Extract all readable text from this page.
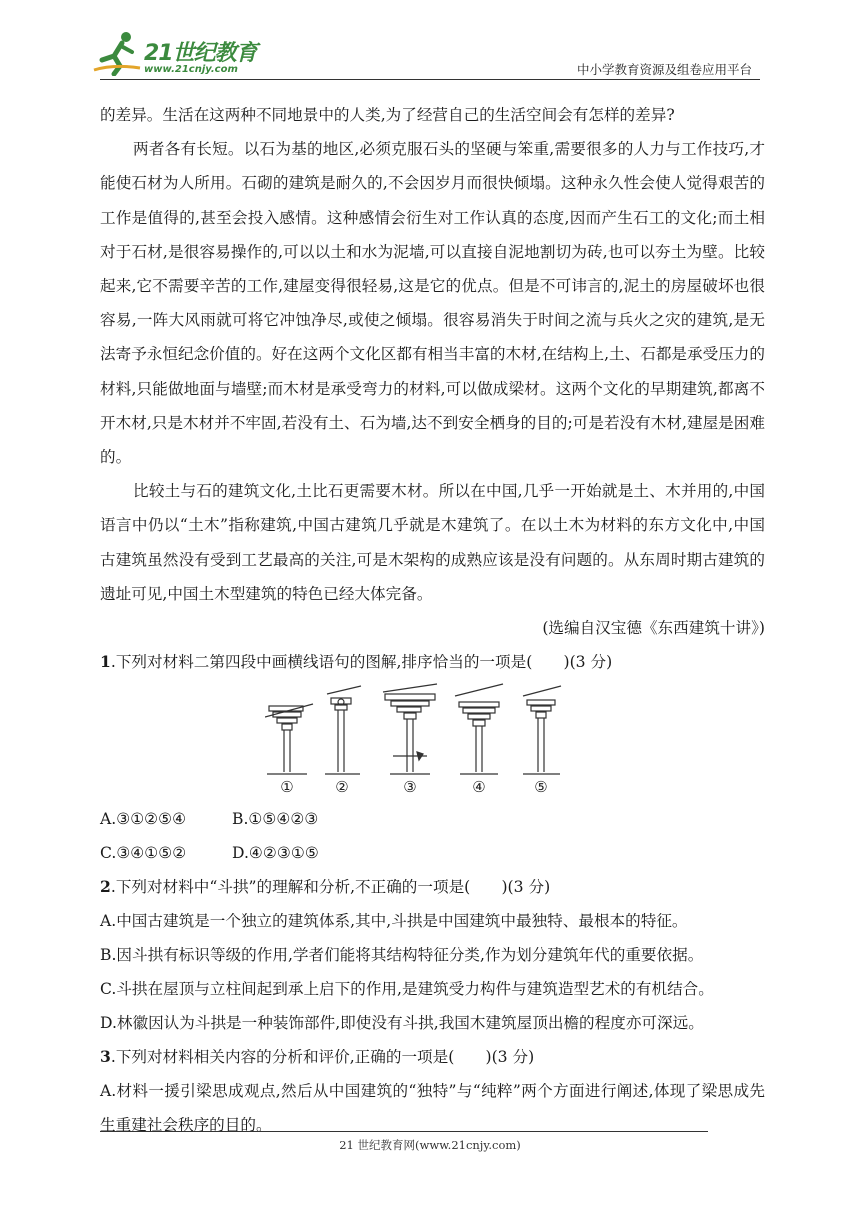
21世纪教育
www.21cnjy.com	中小学教育资源及组卷应用平台

的差异。生活在这两种不同地景中的人类,为了经营自己的生活空间会有怎样的差异?

两者各有长短。以石为基的地区,必须克服石头的坚硬与笨重,需要很多的人力与工作技巧,才能使石材为人所用。石砌的建筑是耐久的,不会因岁月而很快倾塌。这种永久性会使人觉得艰苦的工作是值得的,甚至会投入感情。这种感情会衍生对工作认真的态度,因而产生石工的文化;而土相对于石材,是很容易操作的,可以以土和水为泥墙,可以直接自泥地割切为砖,也可以夯土为壁。比较起来,它不需要辛苦的工作,建屋变得很轻易,这是它的优点。但是不可讳言的,泥土的房屋破坏也很容易,一阵大风雨就可将它冲蚀净尽,或使之倾塌。很容易消失于时间之流与兵火之灾的建筑,是无法寄予永恒纪念价值的。好在这两个文化区都有相当丰富的木材,在结构上,土、石都是承受压力的材料,只能做地面与墙壁;而木材是承受弯力的材料,可以做成梁材。这两个文化的早期建筑,都离不开木材,只是木材并不牢固,若没有土、石为墙,达不到安全栖身的目的;可是若没有木材,建屋是困难的。

比较土与石的建筑文化,土比石更需要木材。所以在中国,几乎一开始就是土、木并用的,中国语言中仍以“土木”指称建筑,中国古建筑几乎就是木建筑了。在以土木为材料的东方文化中,中国古建筑虽然没有受到工艺最高的关注,可是木架构的成熟应该是没有问题的。从东周时期古建筑的遗址可见,中国土木型建筑的特色已经大体完备。

(选编自汉宝德《东西建筑十讲》)

1.下列对材料二第四段中画横线语句的图解,排序恰当的一项是(　　)(3 分)

①	②	③	④	⑤

A.③①②⑤④	B.①⑤④②③

C.③④①⑤②	D.④②③①⑤

2.下列对材料中“斗拱”的理解和分析,不正确的一项是(　　)(3 分)

A.中国古建筑是一个独立的建筑体系,其中,斗拱是中国建筑中最独特、最根本的特征。

B.因斗拱有标识等级的作用,学者们能将其结构特征分类,作为划分建筑年代的重要依据。

C.斗拱在屋顶与立柱间起到承上启下的作用,是建筑受力构件与建筑造型艺术的有机结合。

D.林徽因认为斗拱是一种装饰部件,即使没有斗拱,我国木建筑屋顶出檐的程度亦可深远。

3.下列对材料相关内容的分析和评价,正确的一项是(　　)(3 分)

A.材料一援引梁思成观点,然后从中国建筑的“独特”与“纯粹”两个方面进行阐述,体现了梁思成先生重建社会秩序的目的。

21 世纪教育网(www.21cnjy.com)
